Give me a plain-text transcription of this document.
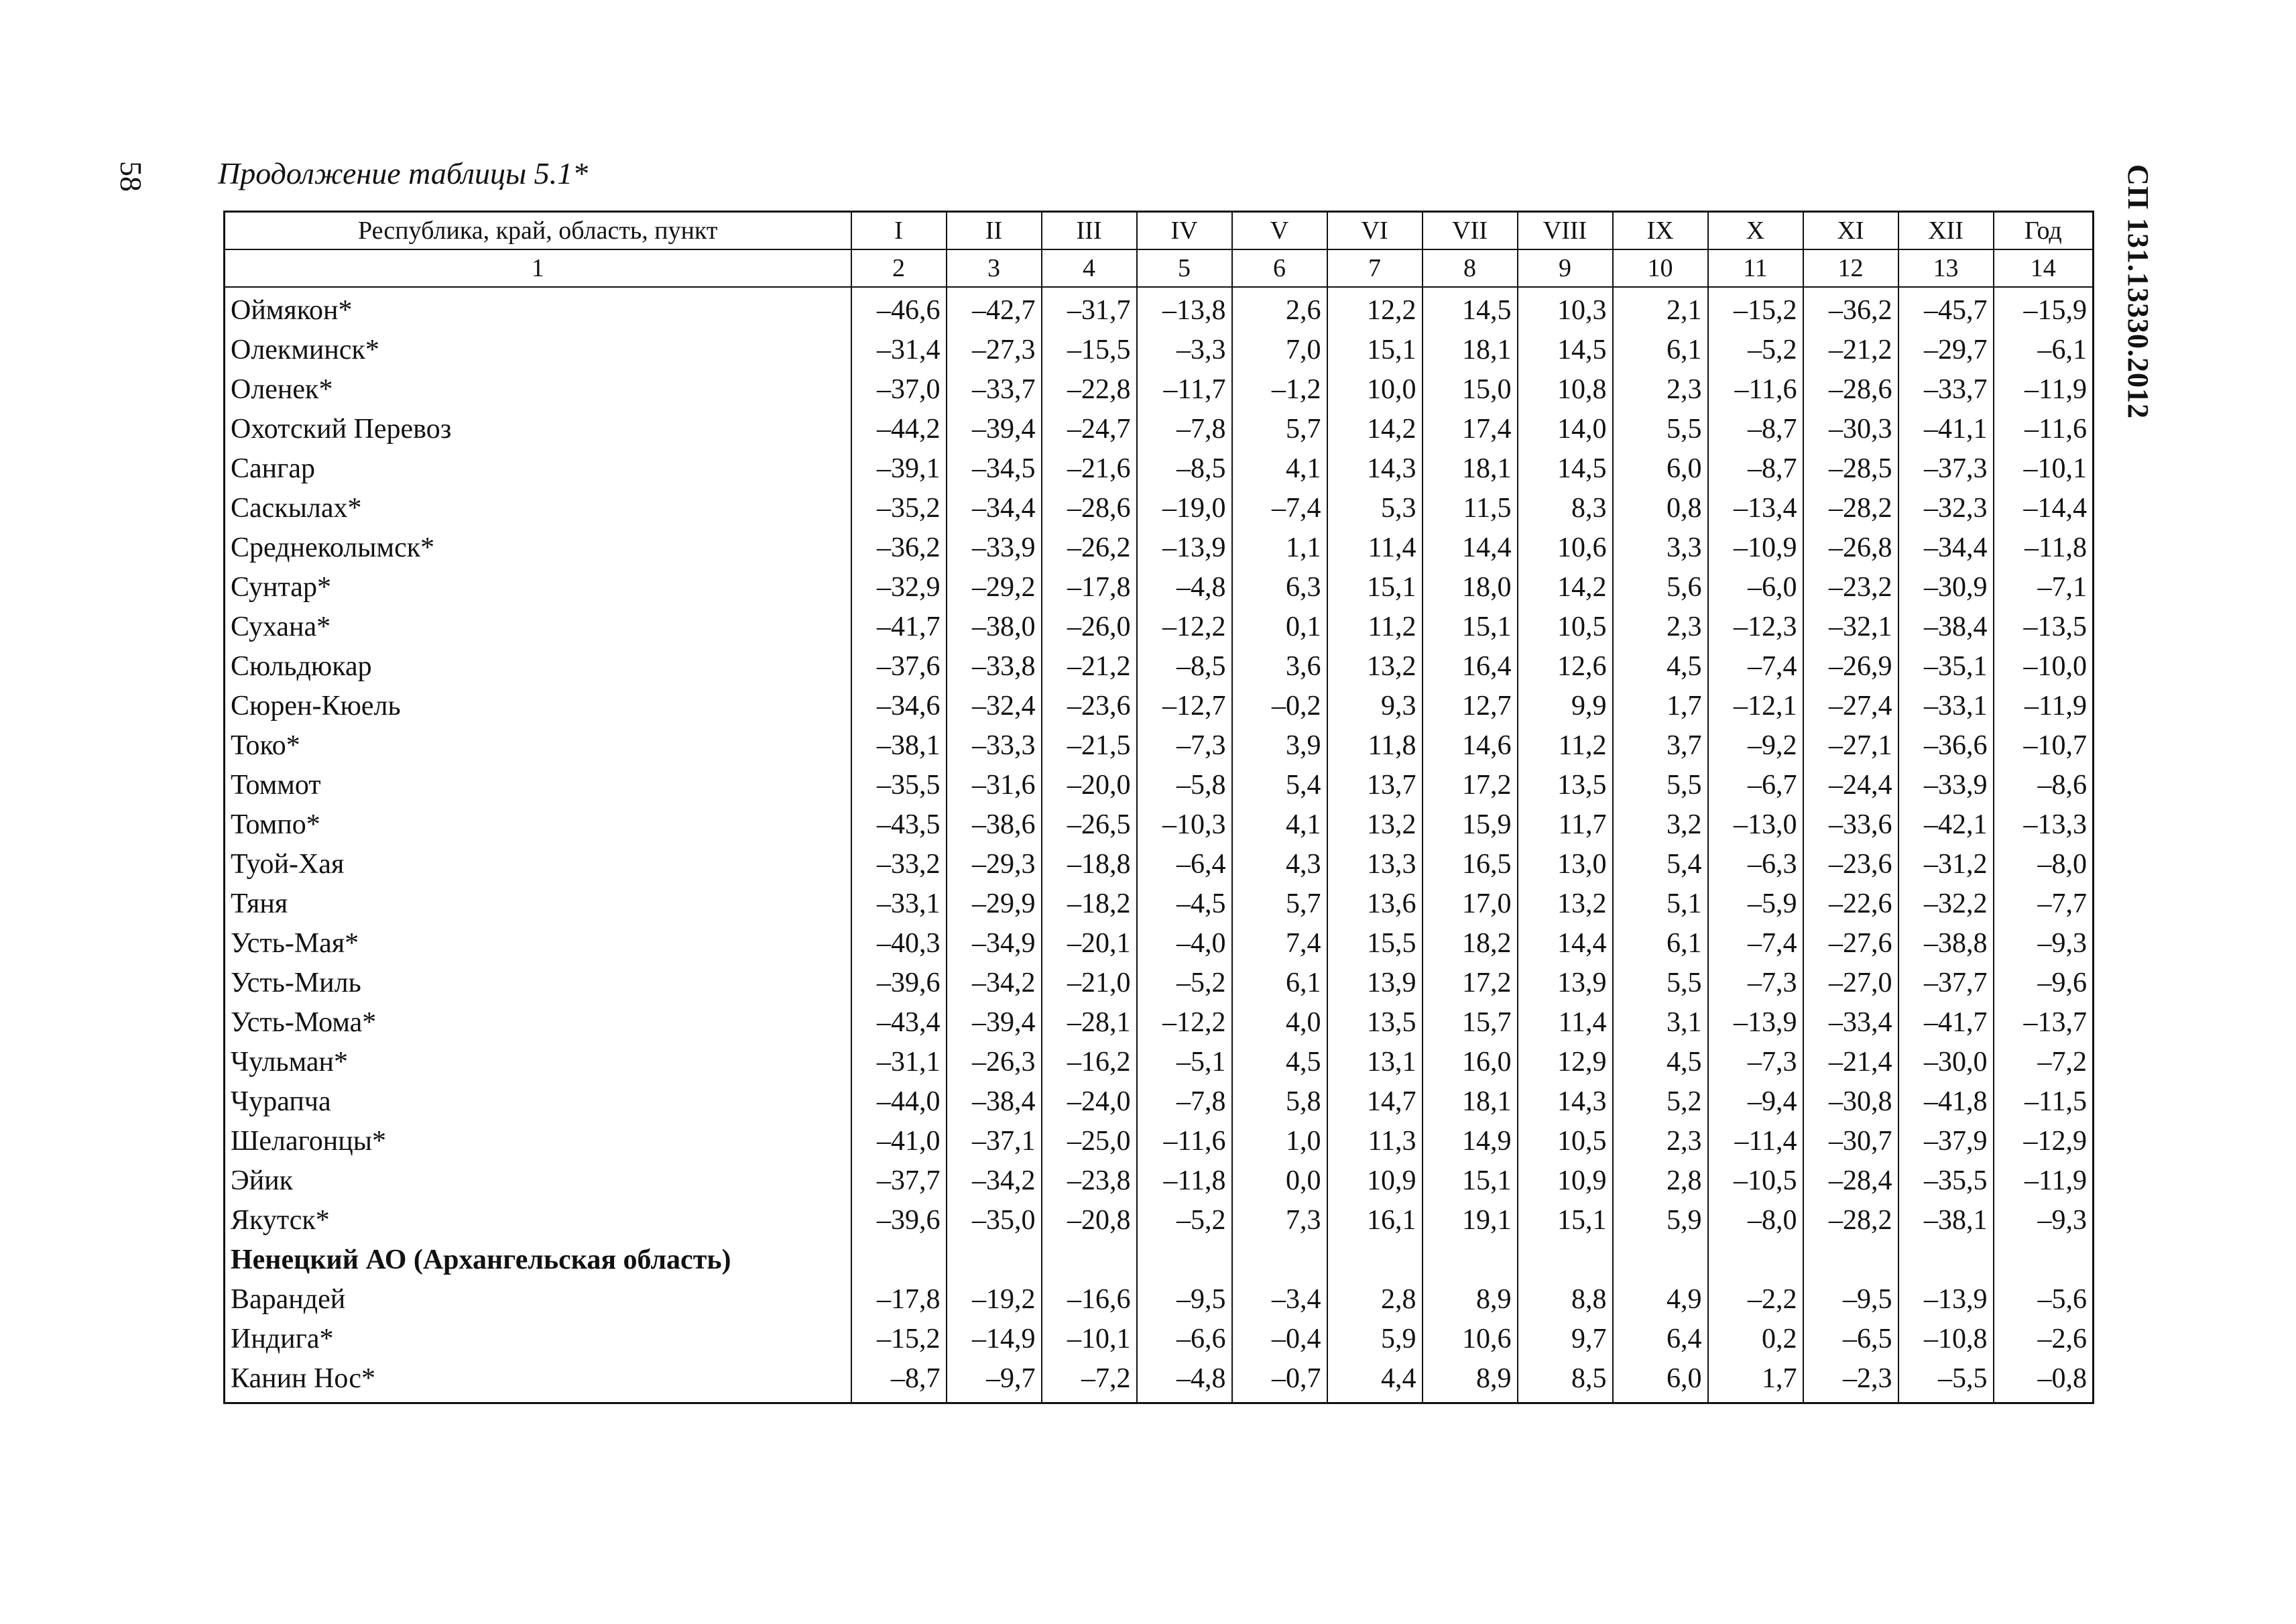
58	СП 131.13330.2012
Продолжение таблицы 5.1*
Республика, край, область, пункт	I	II	III	IV	V	VI	VII	VIII	IX	X	XI	XII	Год
1	2	3	4	5	6	7	8	9	10	11	12	13	14
Оймякон*	–46,6	–42,7	–31,7	–13,8	2,6	12,2	14,5	10,3	2,1	–15,2	–36,2	–45,7	–15,9
Олекминск*	–31,4	–27,3	–15,5	–3,3	7,0	15,1	18,1	14,5	6,1	–5,2	–21,2	–29,7	–6,1
Оленек*	–37,0	–33,7	–22,8	–11,7	–1,2	10,0	15,0	10,8	2,3	–11,6	–28,6	–33,7	–11,9
Охотский Перевоз	–44,2	–39,4	–24,7	–7,8	5,7	14,2	17,4	14,0	5,5	–8,7	–30,3	–41,1	–11,6
Сангар	–39,1	–34,5	–21,6	–8,5	4,1	14,3	18,1	14,5	6,0	–8,7	–28,5	–37,3	–10,1
Саскылах*	–35,2	–34,4	–28,6	–19,0	–7,4	5,3	11,5	8,3	0,8	–13,4	–28,2	–32,3	–14,4
Среднеколымск*	–36,2	–33,9	–26,2	–13,9	1,1	11,4	14,4	10,6	3,3	–10,9	–26,8	–34,4	–11,8
Сунтар*	–32,9	–29,2	–17,8	–4,8	6,3	15,1	18,0	14,2	5,6	–6,0	–23,2	–30,9	–7,1
Сухана*	–41,7	–38,0	–26,0	–12,2	0,1	11,2	15,1	10,5	2,3	–12,3	–32,1	–38,4	–13,5
Сюльдюкар	–37,6	–33,8	–21,2	–8,5	3,6	13,2	16,4	12,6	4,5	–7,4	–26,9	–35,1	–10,0
Сюрен-Кюель	–34,6	–32,4	–23,6	–12,7	–0,2	9,3	12,7	9,9	1,7	–12,1	–27,4	–33,1	–11,9
Токо*	–38,1	–33,3	–21,5	–7,3	3,9	11,8	14,6	11,2	3,7	–9,2	–27,1	–36,6	–10,7
Томмот	–35,5	–31,6	–20,0	–5,8	5,4	13,7	17,2	13,5	5,5	–6,7	–24,4	–33,9	–8,6
Томпо*	–43,5	–38,6	–26,5	–10,3	4,1	13,2	15,9	11,7	3,2	–13,0	–33,6	–42,1	–13,3
Туой-Хая	–33,2	–29,3	–18,8	–6,4	4,3	13,3	16,5	13,0	5,4	–6,3	–23,6	–31,2	–8,0
Тяня	–33,1	–29,9	–18,2	–4,5	5,7	13,6	17,0	13,2	5,1	–5,9	–22,6	–32,2	–7,7
Усть-Мая*	–40,3	–34,9	–20,1	–4,0	7,4	15,5	18,2	14,4	6,1	–7,4	–27,6	–38,8	–9,3
Усть-Миль	–39,6	–34,2	–21,0	–5,2	6,1	13,9	17,2	13,9	5,5	–7,3	–27,0	–37,7	–9,6
Усть-Мома*	–43,4	–39,4	–28,1	–12,2	4,0	13,5	15,7	11,4	3,1	–13,9	–33,4	–41,7	–13,7
Чульман*	–31,1	–26,3	–16,2	–5,1	4,5	13,1	16,0	12,9	4,5	–7,3	–21,4	–30,0	–7,2
Чурапча	–44,0	–38,4	–24,0	–7,8	5,8	14,7	18,1	14,3	5,2	–9,4	–30,8	–41,8	–11,5
Шелагонцы*	–41,0	–37,1	–25,0	–11,6	1,0	11,3	14,9	10,5	2,3	–11,4	–30,7	–37,9	–12,9
Эйик	–37,7	–34,2	–23,8	–11,8	0,0	10,9	15,1	10,9	2,8	–10,5	–28,4	–35,5	–11,9
Якутск*	–39,6	–35,0	–20,8	–5,2	7,3	16,1	19,1	15,1	5,9	–8,0	–28,2	–38,1	–9,3
Ненецкий АО (Архангельская область)													
Варандей	–17,8	–19,2	–16,6	–9,5	–3,4	2,8	8,9	8,8	4,9	–2,2	–9,5	–13,9	–5,6
Индига*	–15,2	–14,9	–10,1	–6,6	–0,4	5,9	10,6	9,7	6,4	0,2	–6,5	–10,8	–2,6
Канин Нос*	–8,7	–9,7	–7,2	–4,8	–0,7	4,4	8,9	8,5	6,0	1,7	–2,3	–5,5	–0,8
